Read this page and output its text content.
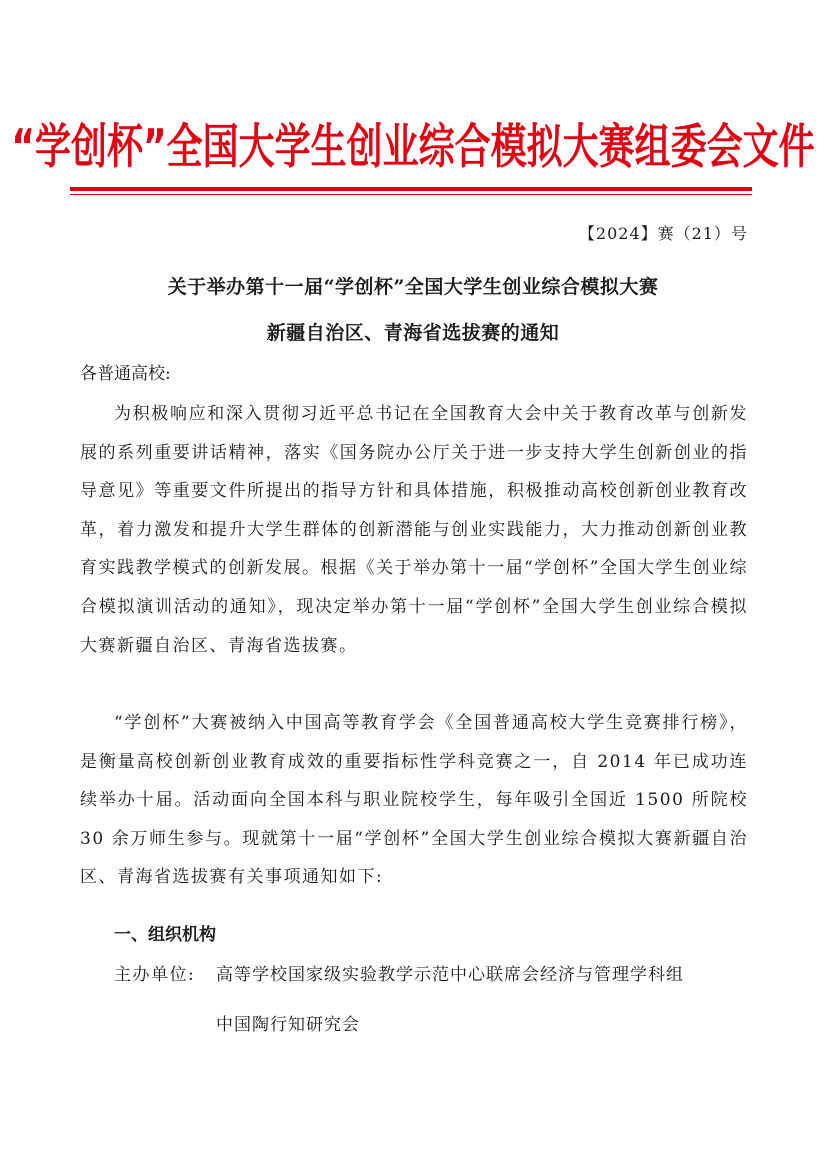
“学创杯”全国大学生创业综合模拟大赛组委会文件
【2024】赛（21）号
关于举办第十一届“学创杯”全国大学生创业综合模拟大赛
新疆自治区、青海省选拔赛的通知
各普通高校:
为积极响应和深入贯彻习近平总书记在全国教育大会中关于教育改革与创新发展的系列重要讲话精神，落实《国务院办公厅关于进一步支持大学生创新创业的指导意见》等重要文件所提出的指导方针和具体措施，积极推动高校创新创业教育改革，着力激发和提升大学生群体的创新潜能与创业实践能力，大力推动创新创业教育实践教学模式的创新发展。根据《关于举办第十一届“学创杯”全国大学生创业综合模拟演训活动的通知》，现决定举办第十一届“学创杯”全国大学生创业综合模拟大赛新疆自治区、青海省选拔赛。
“学创杯”大赛被纳入中国高等教育学会《全国普通高校大学生竞赛排行榜》，是衡量高校创新创业教育成效的重要指标性学科竞赛之一，自 2014 年已成功连续举办十届。活动面向全国本科与职业院校学生，每年吸引全国近 1500 所院校 30 余万师生参与。现就第十一届“学创杯”全国大学生创业综合模拟大赛新疆自治区、青海省选拔赛有关事项通知如下:
一、组织机构
主办单位: 高等学校国家级实验教学示范中心联席会经济与管理学科组
中国陶行知研究会
